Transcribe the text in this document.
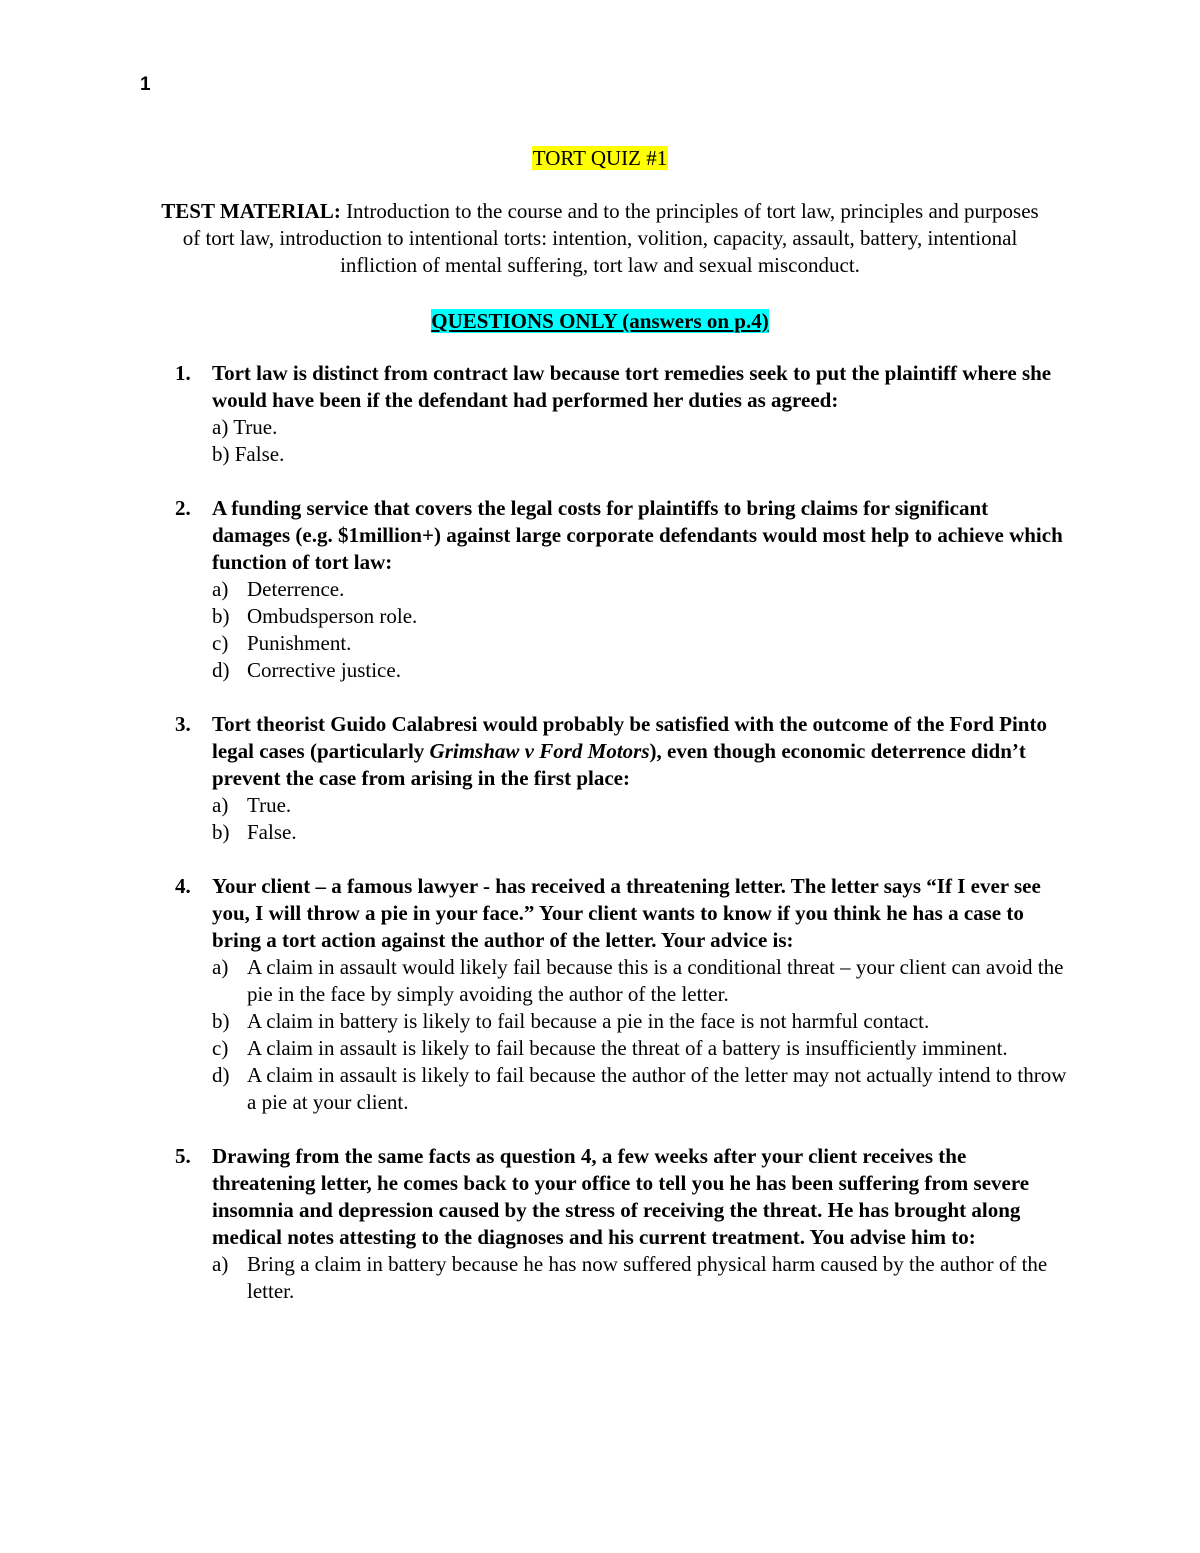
1
TORT QUIZ #1
TEST MATERIAL: Introduction to the course and to the principles of tort law, principles and purposes of tort law, introduction to intentional torts: intention, volition, capacity, assault, battery, intentional infliction of mental suffering, tort law and sexual misconduct.
QUESTIONS ONLY (answers on p.4)
1. Tort law is distinct from contract law because tort remedies seek to put the plaintiff where she would have been if the defendant had performed her duties as agreed:
a) True.
b) False.
2. A funding service that covers the legal costs for plaintiffs to bring claims for significant damages (e.g. $1million+) against large corporate defendants would most help to achieve which function of tort law:
a) Deterrence.
b) Ombudsperson role.
c) Punishment.
d) Corrective justice.
3. Tort theorist Guido Calabresi would probably be satisfied with the outcome of the Ford Pinto legal cases (particularly Grimshaw v Ford Motors), even though economic deterrence didn’t prevent the case from arising in the first place:
a) True.
b) False.
4. Your client – a famous lawyer - has received a threatening letter. The letter says “If I ever see you, I will throw a pie in your face.” Your client wants to know if you think he has a case to bring a tort action against the author of the letter. Your advice is:
a) A claim in assault would likely fail because this is a conditional threat – your client can avoid the pie in the face by simply avoiding the author of the letter.
b) A claim in battery is likely to fail because a pie in the face is not harmful contact.
c) A claim in assault is likely to fail because the threat of a battery is insufficiently imminent.
d) A claim in assault is likely to fail because the author of the letter may not actually intend to throw a pie at your client.
5. Drawing from the same facts as question 4, a few weeks after your client receives the threatening letter, he comes back to your office to tell you he has been suffering from severe insomnia and depression caused by the stress of receiving the threat. He has brought along medical notes attesting to the diagnoses and his current treatment. You advise him to:
a) Bring a claim in battery because he has now suffered physical harm caused by the author of the letter.
